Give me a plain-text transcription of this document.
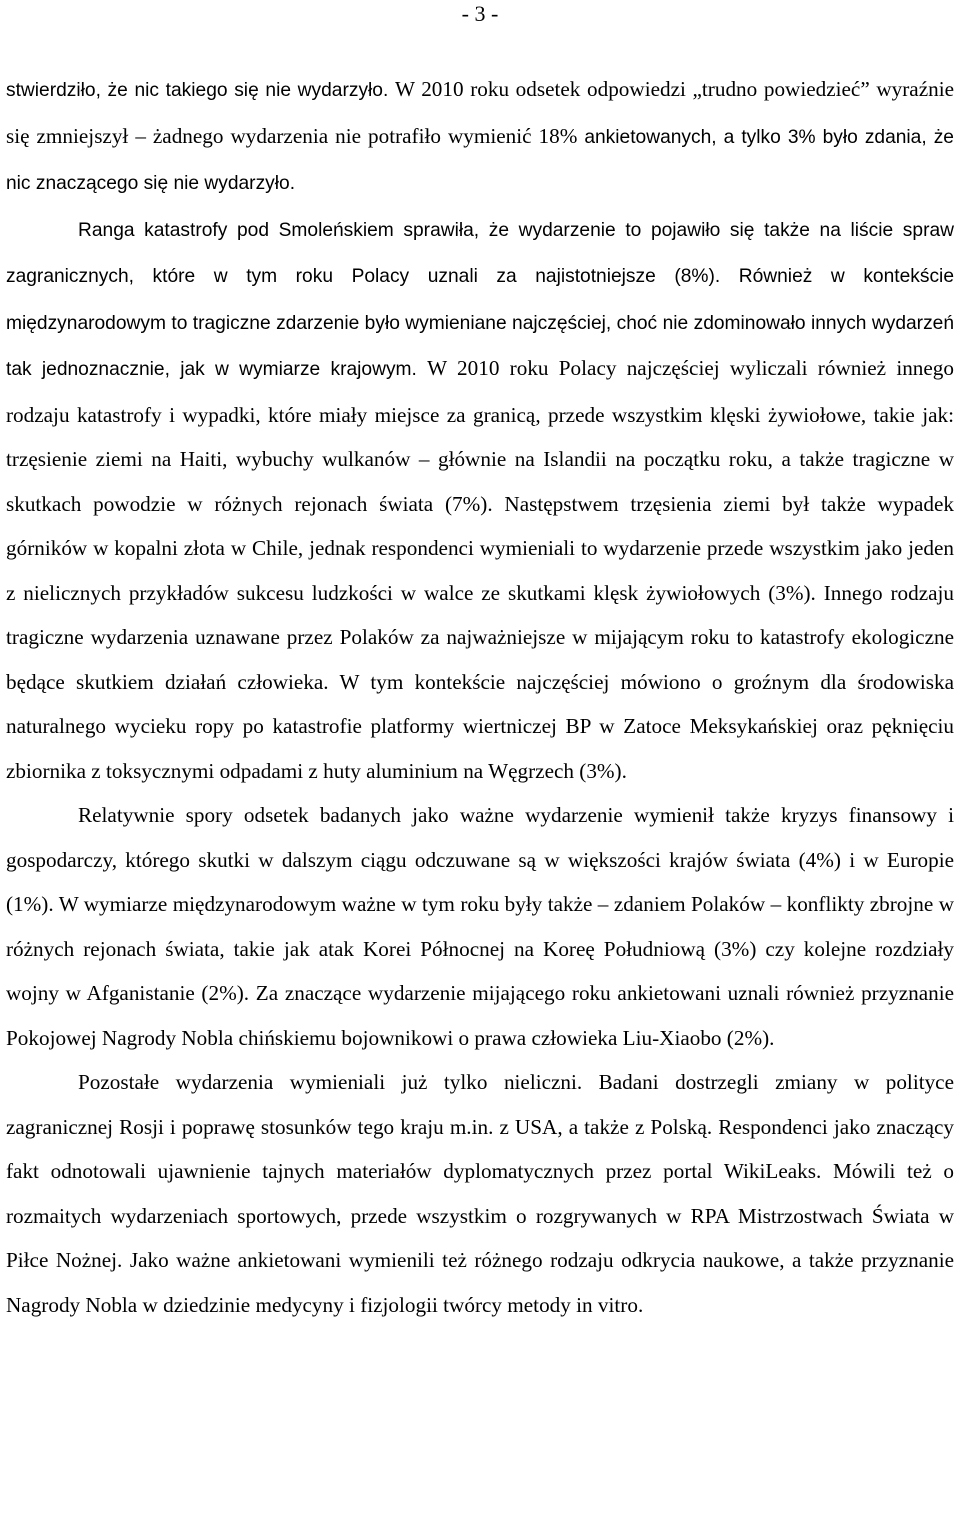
- 3 -

stwierdziło, że nic takiego się nie wydarzyło. W 2010 roku odsetek odpowiedzi „trudno powiedzieć” wyraźnie się zmniejszył – żadnego wydarzenia nie potrafiło wymienić 18% ankietowanych, a tylko 3% było zdania, że nic znaczącego się nie wydarzyło.

Ranga katastrofy pod Smoleńskiem sprawiła, że wydarzenie to pojawiło się także na liście spraw zagranicznych, które w tym roku Polacy uznali za najistotniejsze (8%). Również w kontekście międzynarodowym to tragiczne zdarzenie było wymieniane najczęściej, choć nie zdominowało innych wydarzeń tak jednoznacznie, jak w wymiarze krajowym. W 2010 roku Polacy najczęściej wyliczali również innego rodzaju katastrofy i wypadki, które miały miejsce za granicą, przede wszystkim klęski żywiołowe, takie jak: trzęsienie ziemi na Haiti, wybuchy wulkanów – głównie na Islandii na początku roku, a także tragiczne w skutkach powodzie w różnych rejonach świata (7%). Następstwem trzęsienia ziemi był także wypadek górników w kopalni złota w Chile, jednak respondenci wymieniali to wydarzenie przede wszystkim jako jeden z nielicznych przykładów sukcesu ludzkości w walce ze skutkami klęsk żywiołowych (3%). Innego rodzaju tragiczne wydarzenia uznawane przez Polaków za najważniejsze w mijającym roku to katastrofy ekologiczne będące skutkiem działań człowieka. W tym kontekście najczęściej mówiono o groźnym dla środowiska naturalnego wycieku ropy po katastrofie platformy wiertniczej BP w Zatoce Meksykańskiej oraz pęknięciu zbiornika z toksycznymi odpadami z huty aluminium na Węgrzech (3%).

Relatywnie spory odsetek badanych jako ważne wydarzenie wymienił także kryzys finansowy i gospodarczy, którego skutki w dalszym ciągu odczuwane są w większości krajów świata (4%) i w Europie (1%). W wymiarze międzynarodowym ważne w tym roku były także – zdaniem Polaków – konflikty zbrojne w różnych rejonach świata, takie jak atak Korei Północnej na Koreę Południową (3%) czy kolejne rozdziały wojny w Afganistanie (2%). Za znaczące wydarzenie mijającego roku ankietowani uznali również przyznanie Pokojowej Nagrody Nobla chińskiemu bojownikowi o prawa człowieka Liu-Xiaobo (2%).

Pozostałe wydarzenia wymieniali już tylko nieliczni. Badani dostrzegli zmiany w polityce zagranicznej Rosji i poprawę stosunków tego kraju m.in. z USA, a także z Polską. Respondenci jako znaczący fakt odnotowali ujawnienie tajnych materiałów dyplomatycznych przez portal WikiLeaks. Mówili też o rozmaitych wydarzeniach sportowych, przede wszystkim o rozgrywanych w RPA Mistrzostwach Świata w Piłce Nożnej. Jako ważne ankietowani wymienili też różnego rodzaju odkrycia naukowe, a także przyznanie Nagrody Nobla w dziedzinie medycyny i fizjologii twórcy metody in vitro.
